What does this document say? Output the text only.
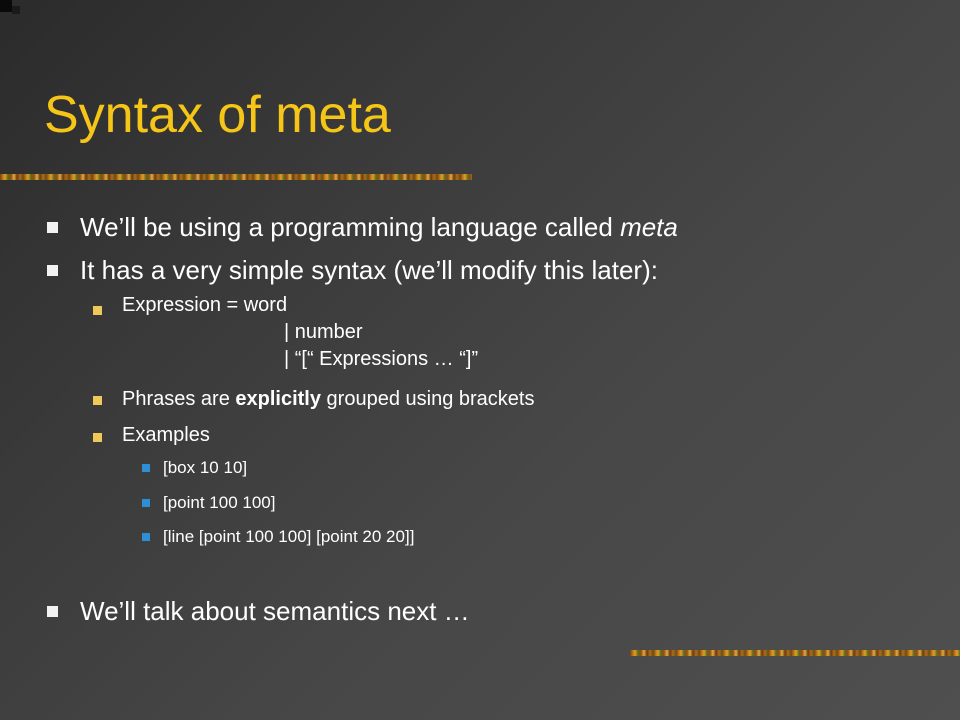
Syntax of meta
We’ll be using a programming language called meta
It has a very simple syntax (we’ll modify this later):
Expression = word
| number
| “[“ Expressions … “]”
Phrases are explicitly grouped using brackets
Examples
[box 10 10]
[point 100 100]
[line [point 100 100] [point 20 20]]
We’ll talk about semantics next …
